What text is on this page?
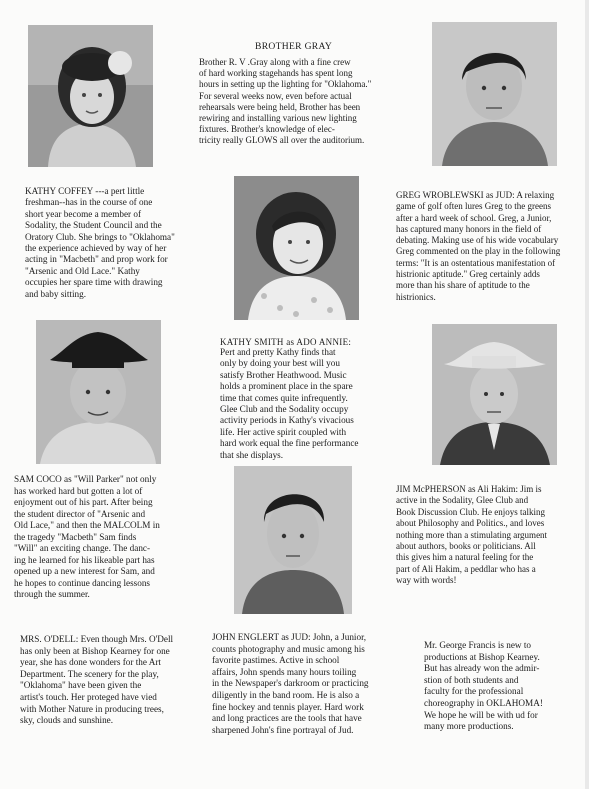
BROTHER GRAY
Brother R. V .Gray along with a fine crew
of hard working stagehands has spent long
hours in setting up the lighting for "Oklahoma."
For several weeks now, even before actual
rehearsals were being held, Brother has been
rewiring and installing various new lighting
fixtures. Brother's knowledge of elec-
tricity really GLOWS all over the auditorium.
KATHY COFFEY ---a pert little
freshman--has in the course of one
short year become a member of
Sodality, the Student Council and the
Oratory Club. She brings to "Oklahoma"
the experience achieved by way of her
acting in "Macbeth" and prop work for
"Arsenic and Old Lace." Kathy
occupies her spare time with drawing
and baby sitting.
GREG WROBLEWSKI as JUD: A relaxing
game of golf often lures Greg to the greens
after a hard week of school. Greg, a Junior,
has captured many honors in the field of
debating. Making use of his wide vocabulary
Greg commented on the play in the following
terms: "It is an ostentatious manifestation of
histrionic aptitude." Greg certainly adds
more than his share of aptitude to the
histrionics.
KATHY SMITH as ADO ANNIE:
Pert and pretty Kathy finds that
only by doing your best will you
satisfy Brother Heathwood. Music
holds a prominent place in the spare
time that comes quite infrequently.
Glee Club and the Sodality occupy
activity periods in Kathy's vivacious
life. Her active spirit coupled with
hard work equal the fine performance
that she displays.
SAM COCO as "Will Parker" not only
has worked hard but gotten a lot of
enjoyment out of his part. After being
the student director of "Arsenic and
Old Lace," and then the MALCOLM in
the tragedy "Macbeth" Sam finds
"Will" an exciting change. The danc-
ing he learned for his likeable part has
opened up a new interest for Sam, and
he hopes to continue dancing lessons
through the summer.
JIM McPHERSON as Ali Hakim: Jim is
active in the Sodality, Glee Club and
Book Discussion Club. He enjoys talking
about Philosophy and Politics., and loves
nothing more than a stimulating argument
about authors, books or politicians. All
this gives him a natural feeling for the
part of Ali Hakim, a peddlar who has a
way with words!
MRS. O'DELL: Even though Mrs. O'Dell
has only been at Bishop Kearney for one
year, she has done wonders for the Art
Department. The scenery for the play,
"Oklahoma" have been given the
artist's touch. Her proteged have vied
with Mother Nature in producing trees,
sky, clouds and sunshine.
JOHN ENGLERT as JUD: John, a Junior,
counts photography and music among his
favorite pastimes. Active in school
affairs, John spends many hours toiling
in the Newspaper's darkroom or practicing
diligently in the band room. He is also a
fine hockey and tennis player. Hard work
and long practices are the tools that have
sharpened John's fine portrayal of Jud.
Mr. George Francis is new to
productions at Bishop Kearney.
But has already won the admir-
stion of both students and
faculty for the professional
choreography in OKLAHOMA!
We hope he will be with ud for
many more productions.
